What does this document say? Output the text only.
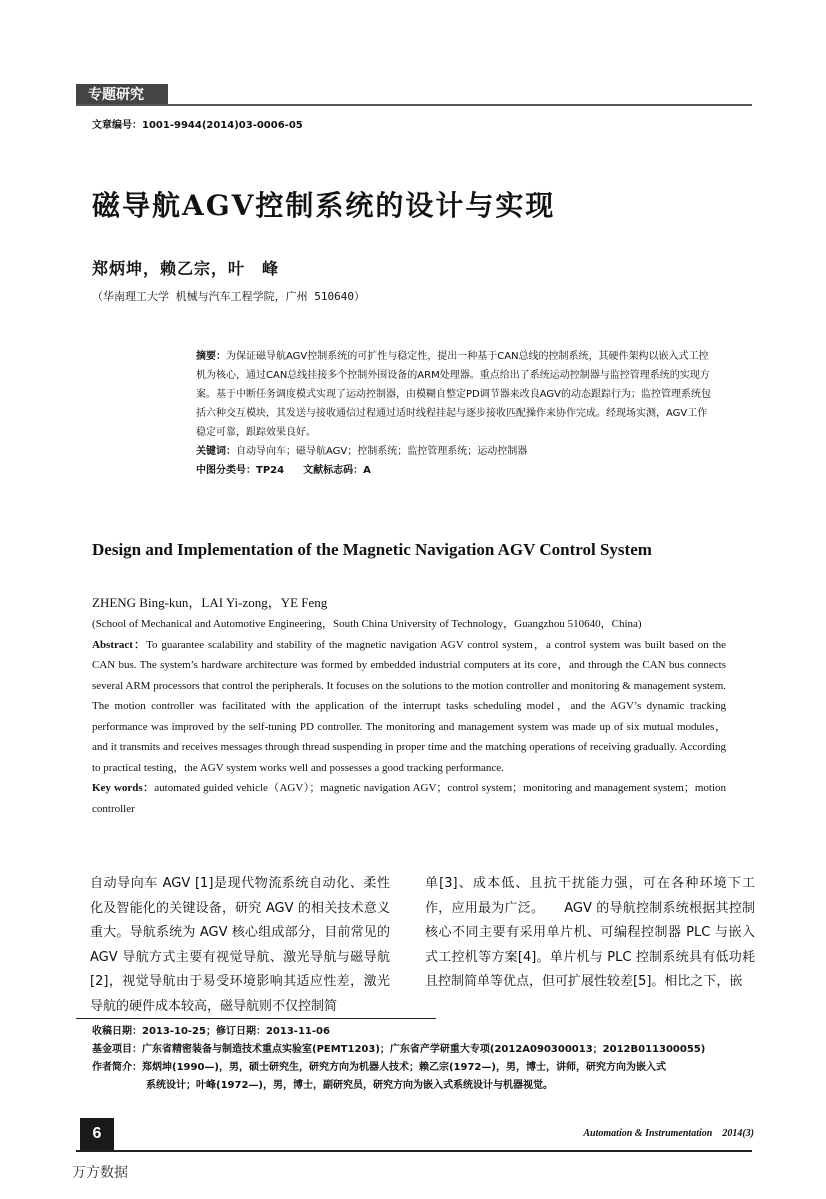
专题研究
文章编号：1001-9944(2014)03-0006-05
磁导航AGV控制系统的设计与实现
郑炳坤，赖乙宗，叶　峰
（华南理工大学 机械与汽车工程学院，广州 510640）
摘要：为保证磁导航AGV控制系统的可扩性与稳定性，提出一种基于CAN总线的控制系统，其硬件架构以嵌入式工控机为核心，通过CAN总线挂接多个控制外围设备的ARM处理器。重点给出了系统运动控制器与监控管理系统的实现方案。基于中断任务调度模式实现了运动控制器，由模糊自整定PD调节器来改良AGV的动态跟踪行为；监控管理系统包括六种交互模块，其发送与接收通信过程通过适时线程挂起与逐步接收匹配操作来协作完成。经现场实测，AGV工作稳定可靠，跟踪效果良好。
关键词：自动导向车；磁导航AGV；控制系统；监控管理系统；运动控制器
中图分类号：TP24 文献标志码：A
Design and Implementation of the Magnetic Navigation AGV Control System
ZHENG Bing-kun，LAI Yi-zong，YE Feng
(School of Mechanical and Automotive Engineering，South China University of Technology，Guangzhou 510640，China)
Abstract：To guarantee scalability and stability of the magnetic navigation AGV control system，a control system was built based on the CAN bus. The system’s hardware architecture was formed by embedded industrial computers at its core，and through the CAN bus connects several ARM processors that control the peripherals. It focuses on the solutions to the motion controller and monitoring & management system. The motion controller was facilitated with the application of the interrupt tasks scheduling model，and the AGV’s dynamic tracking performance was improved by the self-tuning PD controller. The monitoring and management system was made up of six mutual modules，and it transmits and receives messages through thread suspending in proper time and the matching operations of receiving gradually. According to practical testing，the AGV system works well and possesses a good tracking performance.
Key words：automated guided vehicle（AGV）；magnetic navigation AGV；control system；monitoring and management system；motion controller
自动导向车 AGV [1]是现代物流系统自动化、柔性化及智能化的关键设备，研究 AGV 的相关技术意义重大。导航系统为 AGV 核心组成部分，目前常见的 AGV 导航方式主要有视觉导航、激光导航与磁导航[2]，视觉导航由于易受环境影响其适应性差，激光导航的硬件成本较高，磁导航则不仅控制简
单[3]、成本低、且抗干扰能力强，可在各种环境下工作，应用最为广泛。　　AGV 的导航控制系统根据其控制核心不同主要有采用单片机、可编程控制器 PLC 与嵌入式工控机等方案[4]。单片机与 PLC 控制系统具有低功耗且控制简单等优点，但可扩展性较差[5]。相比之下，嵌
收稿日期：2013-10-25；修订日期：2013-11-06
基金项目：广东省精密装备与制造技术重点实验室(PEMT1203)；广东省产学研重大专项(2012A090300013；2012B011300055)
作者简介：郑炳坤(1990—)，男，硕士研究生，研究方向为机器人技术；赖乙宗(1972—)，男，博士，讲师，研究方向为嵌入式
系统设计；叶峰(1972—)，男，博士，副研究员，研究方向为嵌入式系统设计与机器视觉。
6	Automation & Instrumentation　2014(3)
万方数据
